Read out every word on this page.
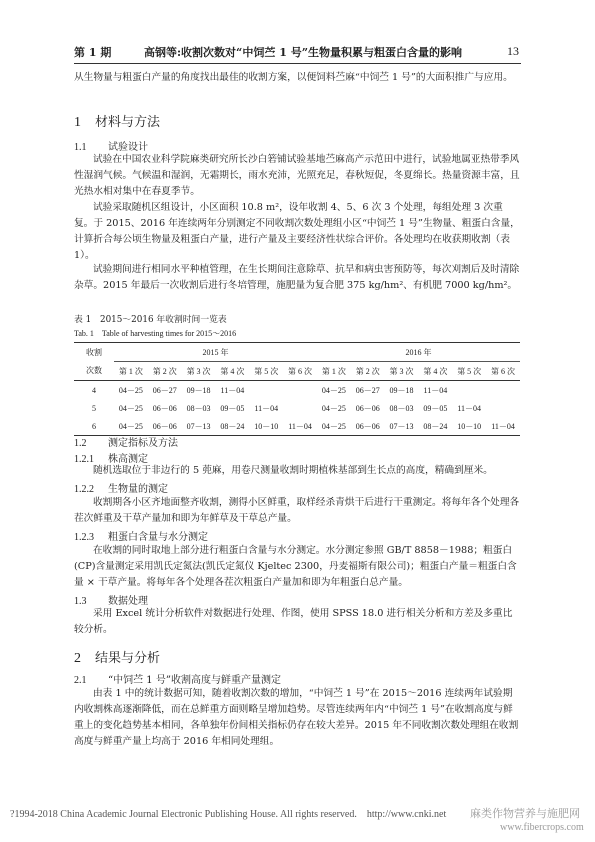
第 1 期	高钢等:收割次数对“中饲苎 1 号”生物量积累与粗蛋白含量的影响	13
从生物量与粗蛋白产量的角度找出最佳的收割方案，以便饲料苎麻“中饲苎 1 号”的大面积推广与应用。
1 材料与方法
1.1 试验设计
试验在中国农业科学院麻类研究所长沙白箬铺试验基地苎麻高产示范田中进行，试验地属亚热带季风性湿润气候。气候温和湿润，无霜期长，雨水充沛，光照充足，春秋短促，冬夏绵长。热量资源丰富，且光热水相对集中在春夏季节。
试验采取随机区组设计，小区面积 10.8 m²，设年收割 4、5、6 次 3 个处理，每组处理 3 次重复。于 2015、2016 年连续两年分别测定不同收割次数处理组小区“中饲苎 1 号”生物量、粗蛋白含量，计算折合每公顷生物量及粗蛋白产量，进行产量及主要经济性状综合评价。各处理均在收获期收割（表 1）。
试验期间进行相同水平种植管理，在生长期间注意除草、抗旱和病虫害预防等，每次刈割后及时清除杂草。2015 年最后一次收割后进行冬培管理，施肥量为复合肥 375 kg/hm²、有机肥 7000 kg/hm²。
表 1　2015～2016 年收割时间一览表
Tab. 1　Table of harvesting times for 2015～2016
收割	2015 年						2016 年					
次数	第 1 次	第 2 次	第 3 次	第 4 次	第 5 次	第 6 次	第 1 次	第 2 次	第 3 次	第 4 次	第 5 次	第 6 次
4	04－25	06－27	09－18	11－04			04－25	06－27	09－18	11－04		
5	04－25	06－06	08－03	09－05	11－04		04－25	06－06	08－03	09－05	11－04	
6	04－25	06－06	07－13	08－24	10－10	11－04	04－25	06－06	07－13	08－24	10－10	11－04
1.2 测定指标及方法
1.2.1 株高测定
随机选取位于非边行的 5 蔸麻，用卷尺测量收割时期植株基部到生长点的高度，精确到厘米。
1.2.2 生物量的测定
收割期各小区齐地面整齐收割，测得小区鲜重，取样经杀青烘干后进行干重测定。将每年各个处理各茬次鲜重及干草产量加和即为年鲜草及干草总产量。
1.2.3 粗蛋白含量与水分测定
在收割的同时取地上部分进行粗蛋白含量与水分测定。水分测定参照 GB/T 8858－1988；粗蛋白(CP)含量测定采用凯氏定氮法(凯氏定氮仪 Kjeltec 2300，丹麦福斯有限公司)；粗蛋白产量＝粗蛋白含量 × 干草产量。将每年各个处理各茬次粗蛋白产量加和即为年粗蛋白总产量。
1.3 数据处理
采用 Excel 统计分析软件对数据进行处理、作图，使用 SPSS 18.0 进行相关分析和方差及多重比较分析。
2 结果与分析
2.1 “中饲苎 1 号”收割高度与鲜重产量测定
由表 1 中的统计数据可知，随着收割次数的增加，“中饲苎 1 号”在 2015～2016 连续两年试验期内收割株高逐渐降低，而在总鲜重方面则略呈增加趋势。尽管连续两年内“中饲苎 1 号”在收割高度与鲜重上的变化趋势基本相同，各单独年份间相关指标仍存在较大差异。2015 年不同收割次数处理组在收割高度与鲜重产量上均高于 2016 年相同处理组。
?1994-2018 China Academic Journal Electronic Publishing House. All rights reserved.　http://www.cnki.net 麻类作物营养与施肥网
www.fibercrops.com
